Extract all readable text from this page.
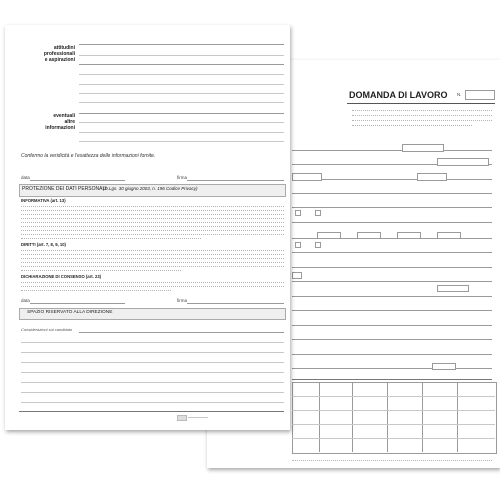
DOMANDA DI LAVORO N.
attitudini
professionali
e aspirazioni
eventuali
altre
informazioni
Confermo la veridicità e l'esattezza delle informazioni fornite.
data	firma
PROTEZIONE DEI DATI PERSONALI
(D.Lgs. 30 giugno 2003, n. 196 Codice Privacy)
INFORMATIVA (art. 13)
DIRITTI (art. 7, 8, 9, 10)
DICHIARAZIONE DI CONSENSO (art. 23)
data	firma
SPAZIO RISERVATO ALLA DIREZIONE
Considerazioni sul candidato
